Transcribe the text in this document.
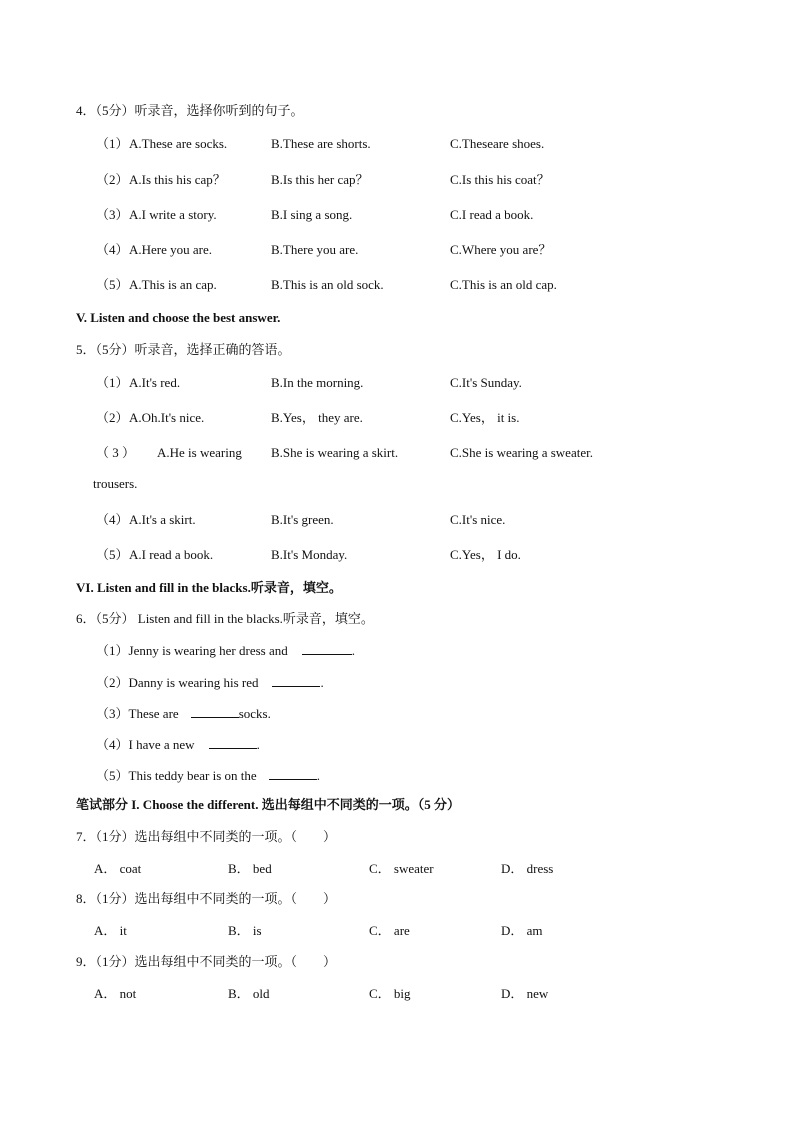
4．（5分）听录音，选择你听到的句子。
（1） A.These are socks.	B.These are shorts.	C.Theseare shoes.
（2） A.Is this his cap？	B.Is this her cap？	C.Is this his coat？
（3） A.I write a story.	B.I sing a song.	C.I read a book.
（4） A.Here you are.	B.There you are.	C.Where you are？
（5） A.This is an cap.	B.This is an old sock.	C.This is an old cap.
V. Listen and choose the best answer.
5．（5分）听录音，选择正确的答语。
（1） A.It's red.	B.In the morning.	C.It's Sunday.
（2） A.Oh.It's nice.	B.Yes， they are.	C.Yes， it is.
（ 3 ） A.He is wearing B.She is wearing a skirt.	C.She is wearing a sweater.
trousers.
（4） A.It's a skirt.	B.It's green.	C.It's nice.
（5） A.I read a book.	B.It's Monday.	C.Yes， I do.
VI. Listen and fill in the blacks.听录音，填空。
6．（5分） Listen and fill in the blacks.听录音，填空。
（1）Jenny is wearing her dress and	.
（2）Danny is wearing his red	.
（3）These are	socks.
（4）I have a new	.
（5）This teddy bear is on the	.
笔试部分 I. Choose the different. 选出每组中不同类的一项。（5 分）
7．（1分）选出每组中不同类的一项。（　　）
A． coat	B． bed	C． sweater	D． dress
8．（1分）选出每组中不同类的一项。（　　）
A． it	B． is	C． are	D． am
9．（1分）选出每组中不同类的一项。（　　）
A． not	B． old	C． big	D． new
